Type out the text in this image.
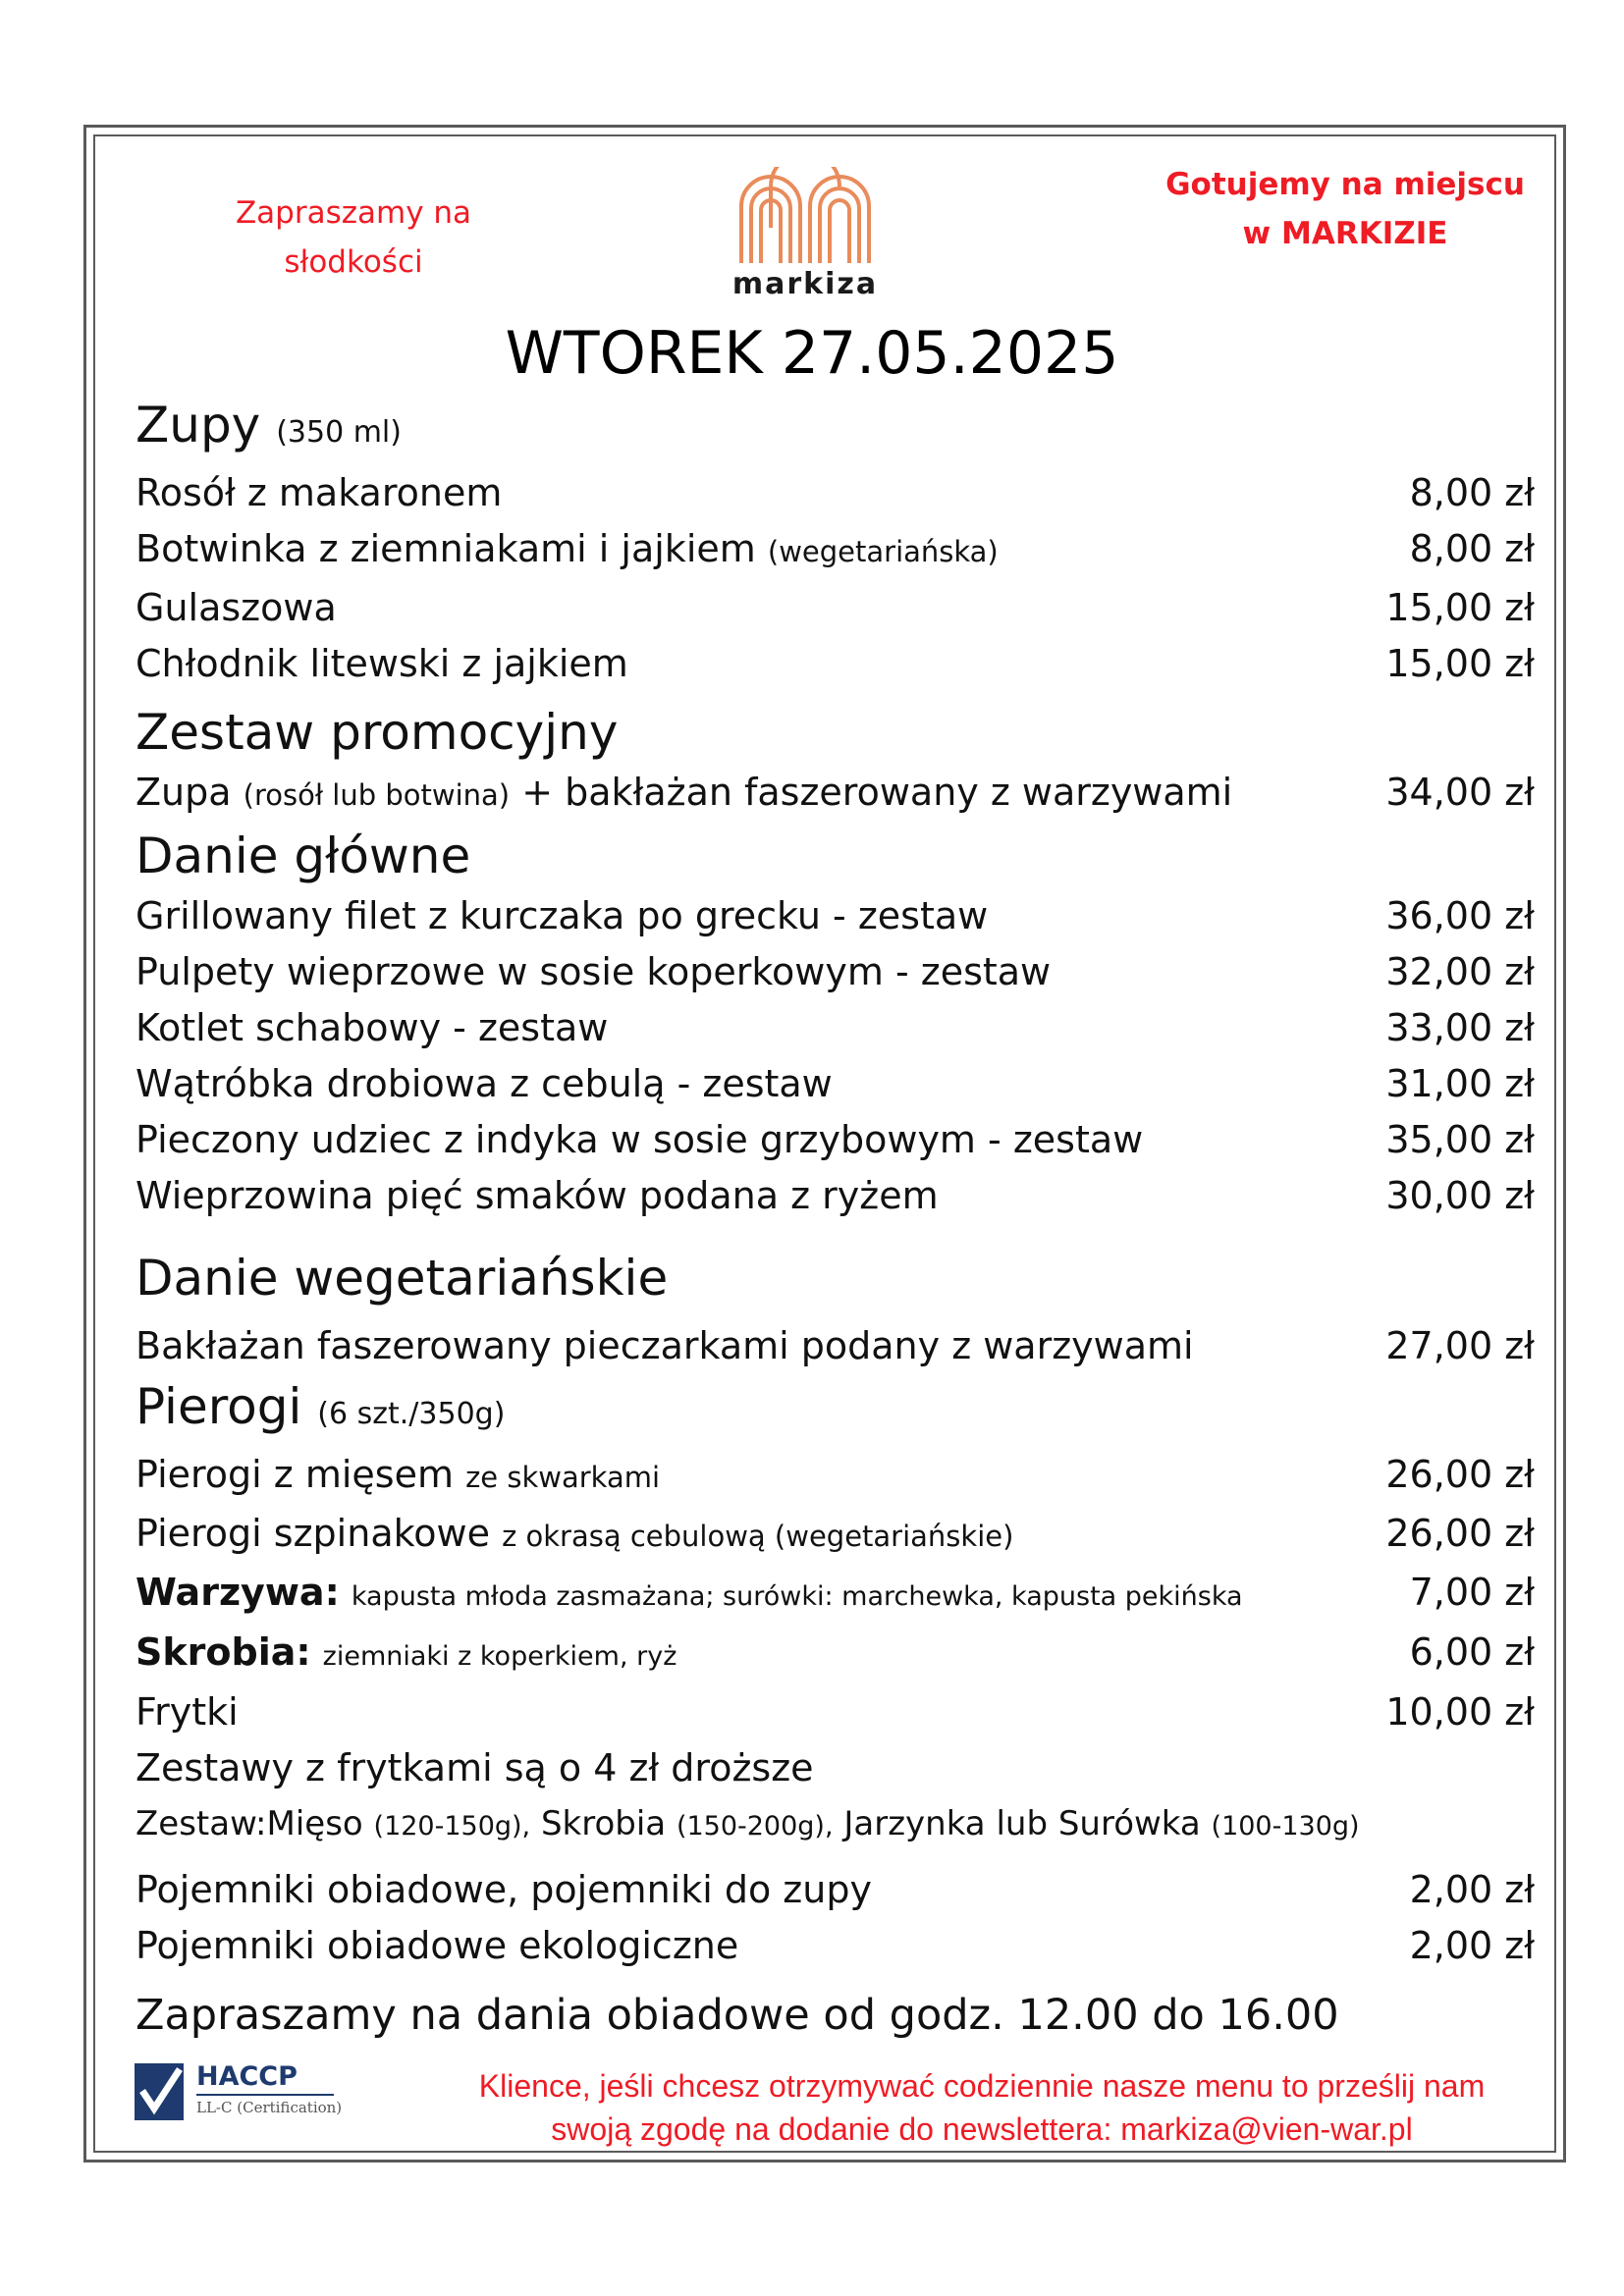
Zapraszamy na
słodkości
markiza
Gotujemy na miejscu
w MARKIZIE
WTOREK 27.05.2025
Zupy (350 ml)
Rosół z makaronem	8,00 zł
Botwinka z ziemniakami i jajkiem (wegetariańska)	8,00 zł
Gulaszowa	15,00 zł
Chłodnik litewski z jajkiem	15,00 zł
Zestaw promocyjny
Zupa (rosół lub botwina) + bakłażan faszerowany z warzywami	34,00 zł
Danie główne
Grillowany filet z kurczaka po grecku - zestaw	36,00 zł
Pulpety wieprzowe w sosie koperkowym - zestaw	32,00 zł
Kotlet schabowy - zestaw	33,00 zł
Wątróbka drobiowa z cebulą - zestaw	31,00 zł
Pieczony udziec z indyka w sosie grzybowym - zestaw	35,00 zł
Wieprzowina pięć smaków podana z ryżem	30,00 zł
Danie wegetariańskie
Bakłażan faszerowany pieczarkami podany z warzywami	27,00 zł
Pierogi (6 szt./350g)
Pierogi z mięsem ze skwarkami	26,00 zł
Pierogi szpinakowe z okrasą cebulową (wegetariańskie)	26,00 zł
Warzywa: kapusta młoda zasmażana; surówki: marchewka, kapusta pekińska	7,00 zł
Skrobia: ziemniaki z koperkiem, ryż	6,00 zł
Frytki	10,00 zł
Zestawy z frytkami są o 4 zł droższe
Zestaw:Mięso (120-150g), Skrobia (150-200g), Jarzynka lub Surówka (100-130g)
Pojemniki obiadowe, pojemniki do zupy	2,00 zł
Pojemniki obiadowe ekologiczne	2,00 zł
Zapraszamy na dania obiadowe od godz. 12.00 do 16.00
HACCP
LL-C (Certification)
Klience, jeśli chcesz otrzymywać codziennie nasze menu to prześlij nam
swoją zgodę na dodanie do newslettera: markiza@vien-war.pl
